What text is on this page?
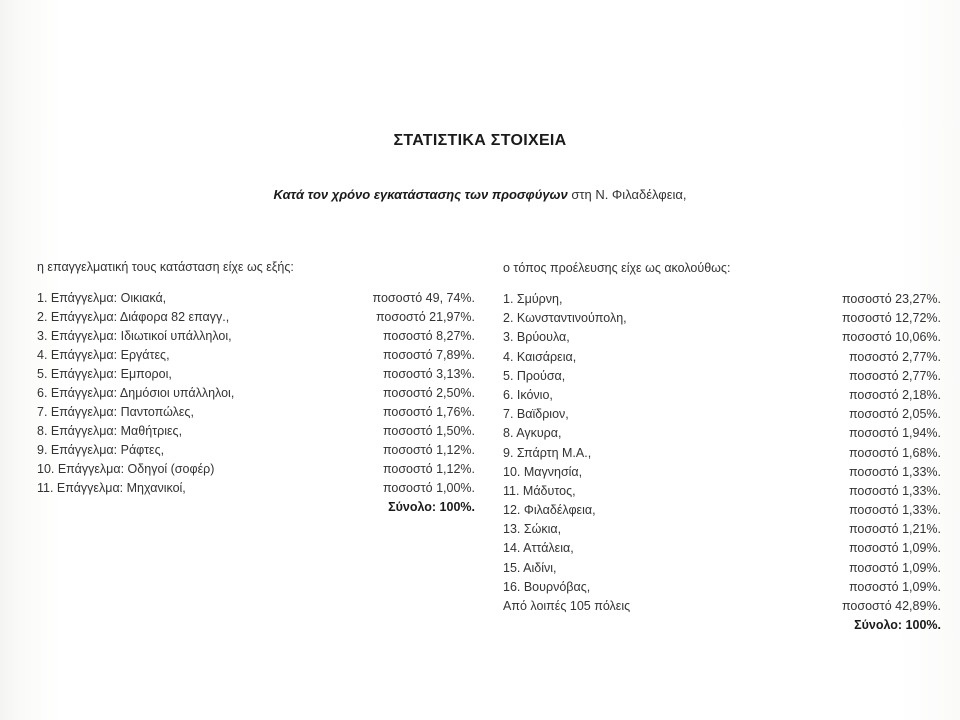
ΣΤΑΤΙΣΤΙΚΑ ΣΤΟΙΧΕΙΑ
Κατά τον χρόνο εγκατάστασης των προσφύγων στη Ν. Φιλαδέλφεια,
η επαγγελματική τους κατάσταση είχε ως εξής:
1. Επάγγελμα: Οικιακά,	ποσοστό 49, 74%.
2. Επάγγελμα: Διάφορα 82 επαγγ.,	ποσοστό 21,97%.
3. Επάγγελμα: Ιδιωτικοί υπάλληλοι,	ποσοστό 8,27%.
4. Επάγγελμα: Εργάτες,	ποσοστό 7,89%.
5. Επάγγελμα: Εμποροι,	ποσοστό 3,13%.
6. Επάγγελμα: Δημόσιοι υπάλληλοι,	ποσοστό 2,50%.
7. Επάγγελμα: Παντοπώλες,	ποσοστό 1,76%.
8. Επάγγελμα: Μαθήτριες,	ποσοστό 1,50%.
9. Επάγγελμα: Ράφτες,	ποσοστό 1,12%.
10. Επάγγελμα: Οδηγοί (σοφέρ)	ποσοστό 1,12%.
11. Επάγγελμα: Μηχανικοί,	ποσοστό 1,00%.
Σύνολο: 100%.
ο τόπος προέλευσης είχε ως ακολούθως:
1. Σμύρνη,	ποσοστό 23,27%.
2. Κωνσταντινούπολη,	ποσοστό 12,72%.
3. Βρύουλα,	ποσοστό 10,06%.
4. Καισάρεια,	ποσοστό 2,77%.
5. Προύσα,	ποσοστό 2,77%.
6. Ικόνιο,	ποσοστό 2,18%.
7. Βαϊδριον,	ποσοστό 2,05%.
8. Αγκυρα,	ποσοστό 1,94%.
9. Σπάρτη Μ.Α.,	ποσοστό 1,68%.
10. Μαγνησία,	ποσοστό 1,33%.
11. Μάδυτος,	ποσοστό 1,33%.
12. Φιλαδέλφεια,	ποσοστό 1,33%.
13. Σώκια,	ποσοστό 1,21%.
14. Αττάλεια,	ποσοστό 1,09%.
15. Αιδίνι,	ποσοστό 1,09%.
16. Βουρνόβας,	ποσοστό 1,09%.
Από λοιπές 105 πόλεις	ποσοστό 42,89%.
Σύνολο: 100%.
